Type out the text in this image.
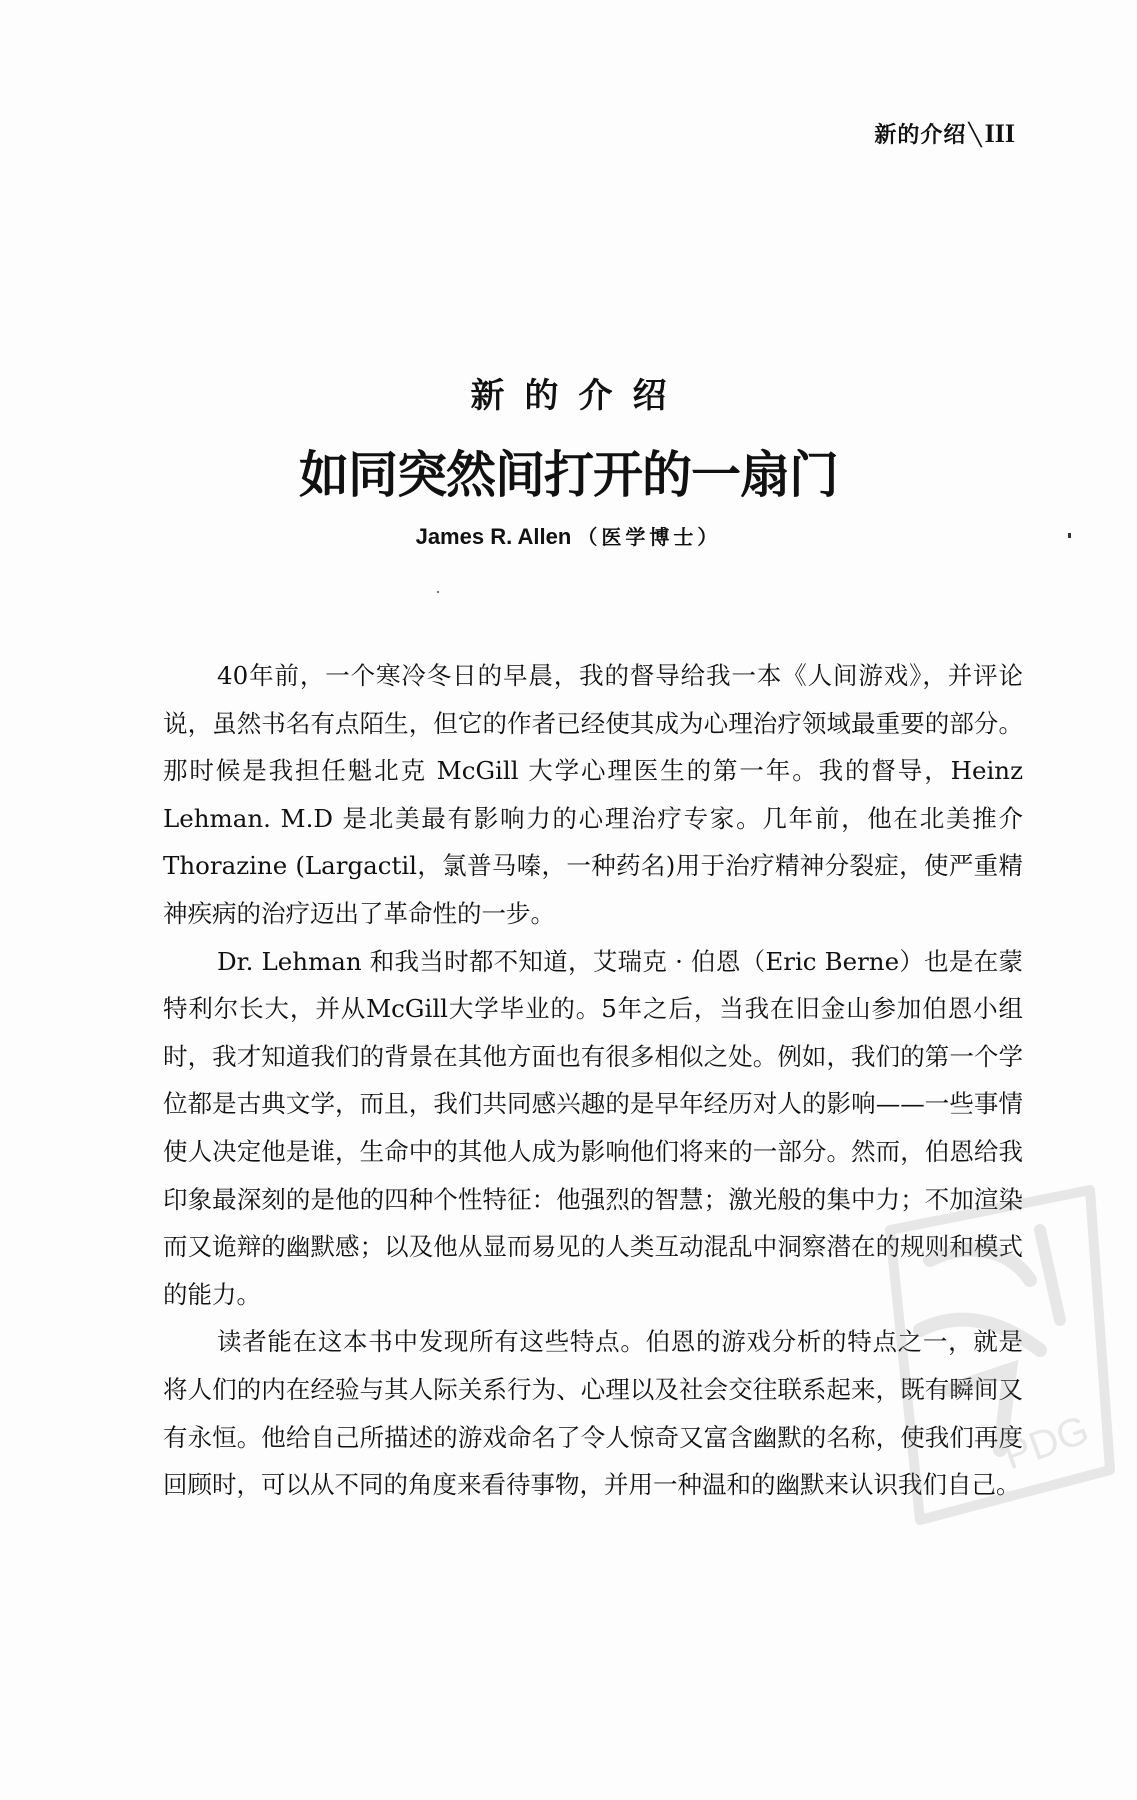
新的介绍╲III

新的介绍

如同突然间打开的一扇门

James R. Allen （医学博士）

40年前，一个寒冷冬日的早晨，我的督导给我一本《人间游戏》，并评论说，虽然书名有点陌生，但它的作者已经使其成为心理治疗领域最重要的部分。那时候是我担任魁北克 McGill 大学心理医生的第一年。我的督导，Heinz Lehman. M.D 是北美最有影响力的心理治疗专家。几年前，他在北美推介 Thorazine (Largactil，氯普马嗪，一种药名)用于治疗精神分裂症，使严重精神疾病的治疗迈出了革命性的一步。

Dr. Lehman 和我当时都不知道，艾瑞克 · 伯恩（Eric Berne）也是在蒙特利尔长大，并从McGill大学毕业的。5年之后，当我在旧金山参加伯恩小组时，我才知道我们的背景在其他方面也有很多相似之处。例如，我们的第一个学位都是古典文学，而且，我们共同感兴趣的是早年经历对人的影响——一些事情使人决定他是谁，生命中的其他人成为影响他们将来的一部分。然而，伯恩给我印象最深刻的是他的四种个性特征：他强烈的智慧；激光般的集中力；不加渲染而又诡辩的幽默感；以及他从显而易见的人类互动混乱中洞察潜在的规则和模式的能力。

读者能在这本书中发现所有这些特点。伯恩的游戏分析的特点之一，就是将人们的内在经验与其人际关系行为、心理以及社会交往联系起来，既有瞬间又有永恒。他给自己所描述的游戏命名了令人惊奇又富含幽默的名称，使我们再度回顾时，可以从不同的角度来看待事物，并用一种温和的幽默来认识我们自己。

PDG
